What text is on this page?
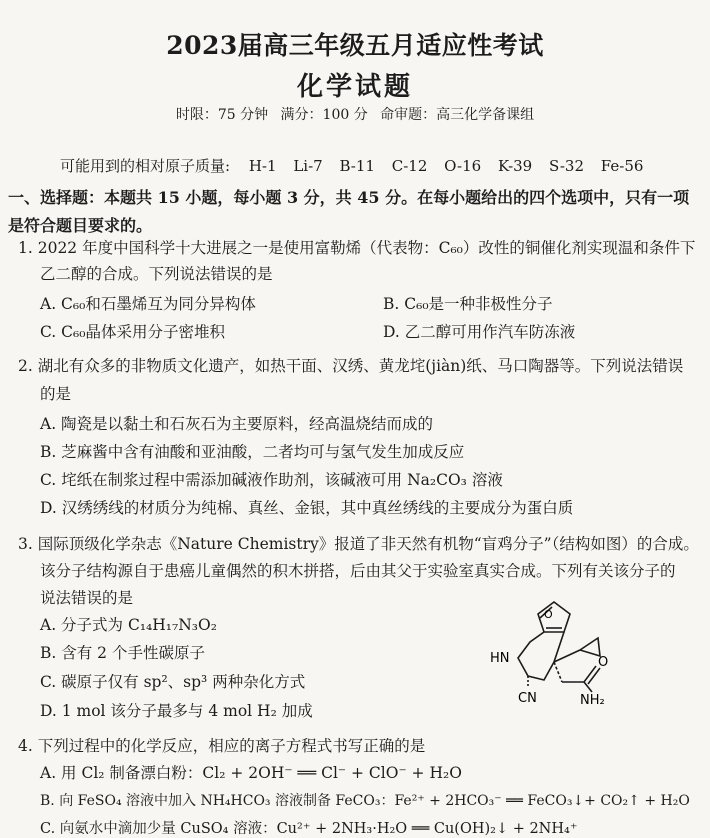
2023届高三年级五月适应性考试
化学试题
时限：75 分钟 满分：100 分 命审题：高三化学备课组
可能用到的相对原子质量: H-1 Li-7 B-11 C-12 O-16 K-39 S-32 Fe-56
一、选择题：本题共 15 小题，每小题 3 分，共 45 分。在每小题给出的四个选项中，只有一项是符合题目要求的。
1. 2022 年度中国科学十大进展之一是使用富勒烯（代表物：C₆₀）改性的铜催化剂实现温和条件下
乙二醇的合成。下列说法错误的是
A. C₆₀和石墨烯互为同分异构体	B. C₆₀是一种非极性分子
C. C₆₀晶体采用分子密堆积	D. 乙二醇可用作汽车防冻液
2. 湖北有众多的非物质文化遗产，如热干面、汉绣、黄龙垞(jiàn)纸、马口陶器等。下列说法错误
的是
A. 陶瓷是以黏土和石灰石为主要原料，经高温烧结而成的
B. 芝麻酱中含有油酸和亚油酸，二者均可与氢气发生加成反应
C. 垞纸在制浆过程中需添加碱液作助剂，该碱液可用 Na₂CO₃ 溶液
D. 汉绣绣线的材质分为纯棉、真丝、金银，其中真丝绣线的主要成分为蛋白质
3. 国际顶级化学杂志《Nature Chemistry》报道了非天然有机物“盲鸡分子”（结构如图）的合成。
该分子结构源自于患癌儿童偶然的积木拼搭，后由其父于实验室真实合成。下列有关该分子的
说法错误的是
A. 分子式为 C₁₄H₁₇N₃O₂
B. 含有 2 个手性碳原子
C. 碳原子仅有 sp²、sp³ 两种杂化方式
D. 1 mol 该分子最多与 4 mol H₂ 加成
O
HN
CN
O
NH₂
4. 下列过程中的化学反应，相应的离子方程式书写正确的是
A. 用 Cl₂ 制备漂白粉：Cl₂ + 2OH⁻ ══ Cl⁻ + ClO⁻ + H₂O
B. 向 FeSO₄ 溶液中加入 NH₄HCO₃ 溶液制备 FeCO₃：Fe²⁺ + 2HCO₃⁻ ══ FeCO₃↓+ CO₂↑ + H₂O
C. 向氨水中滴加少量 CuSO₄ 溶液：Cu²⁺ + 2NH₃·H₂O ══ Cu(OH)₂↓ + 2NH₄⁺
